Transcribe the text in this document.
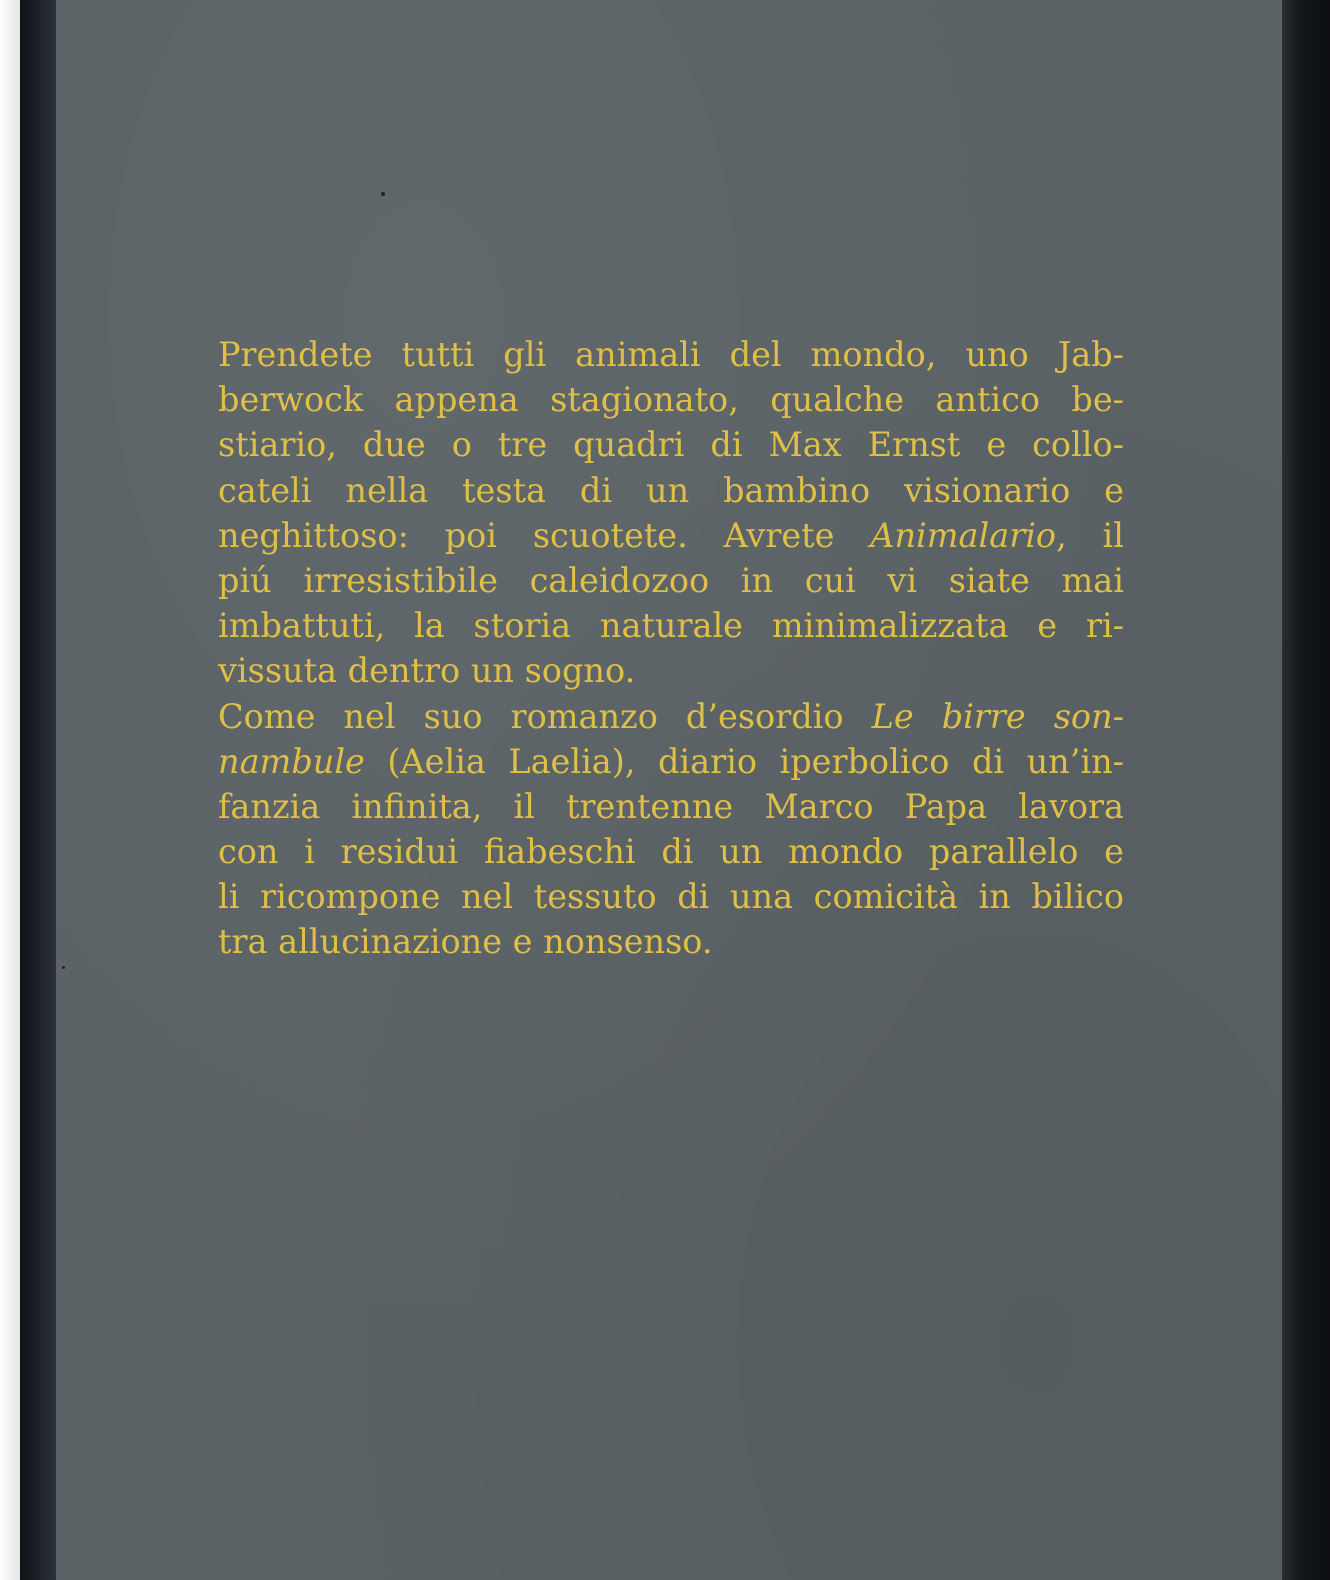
Prendete tutti gli animali del mondo, uno Jab-
berwock appena stagionato, qualche antico be-
stiario, due o tre quadri di Max Ernst e collo-
cateli nella testa di un bambino visionario e
neghittoso: poi scuotete. Avrete Animalario, il
piú irresistibile caleidozoo in cui vi siate mai
imbattuti, la storia naturale minimalizzata e ri-
vissuta dentro un sogno.
Come nel suo romanzo d’esordio Le birre son-
nambule (Aelia Laelia), diario iperbolico di un’in-
fanzia infinita, il trentenne Marco Papa lavora
con i residui fiabeschi di un mondo parallelo e
li ricompone nel tessuto di una comicità in bilico
tra allucinazione e nonsenso.
